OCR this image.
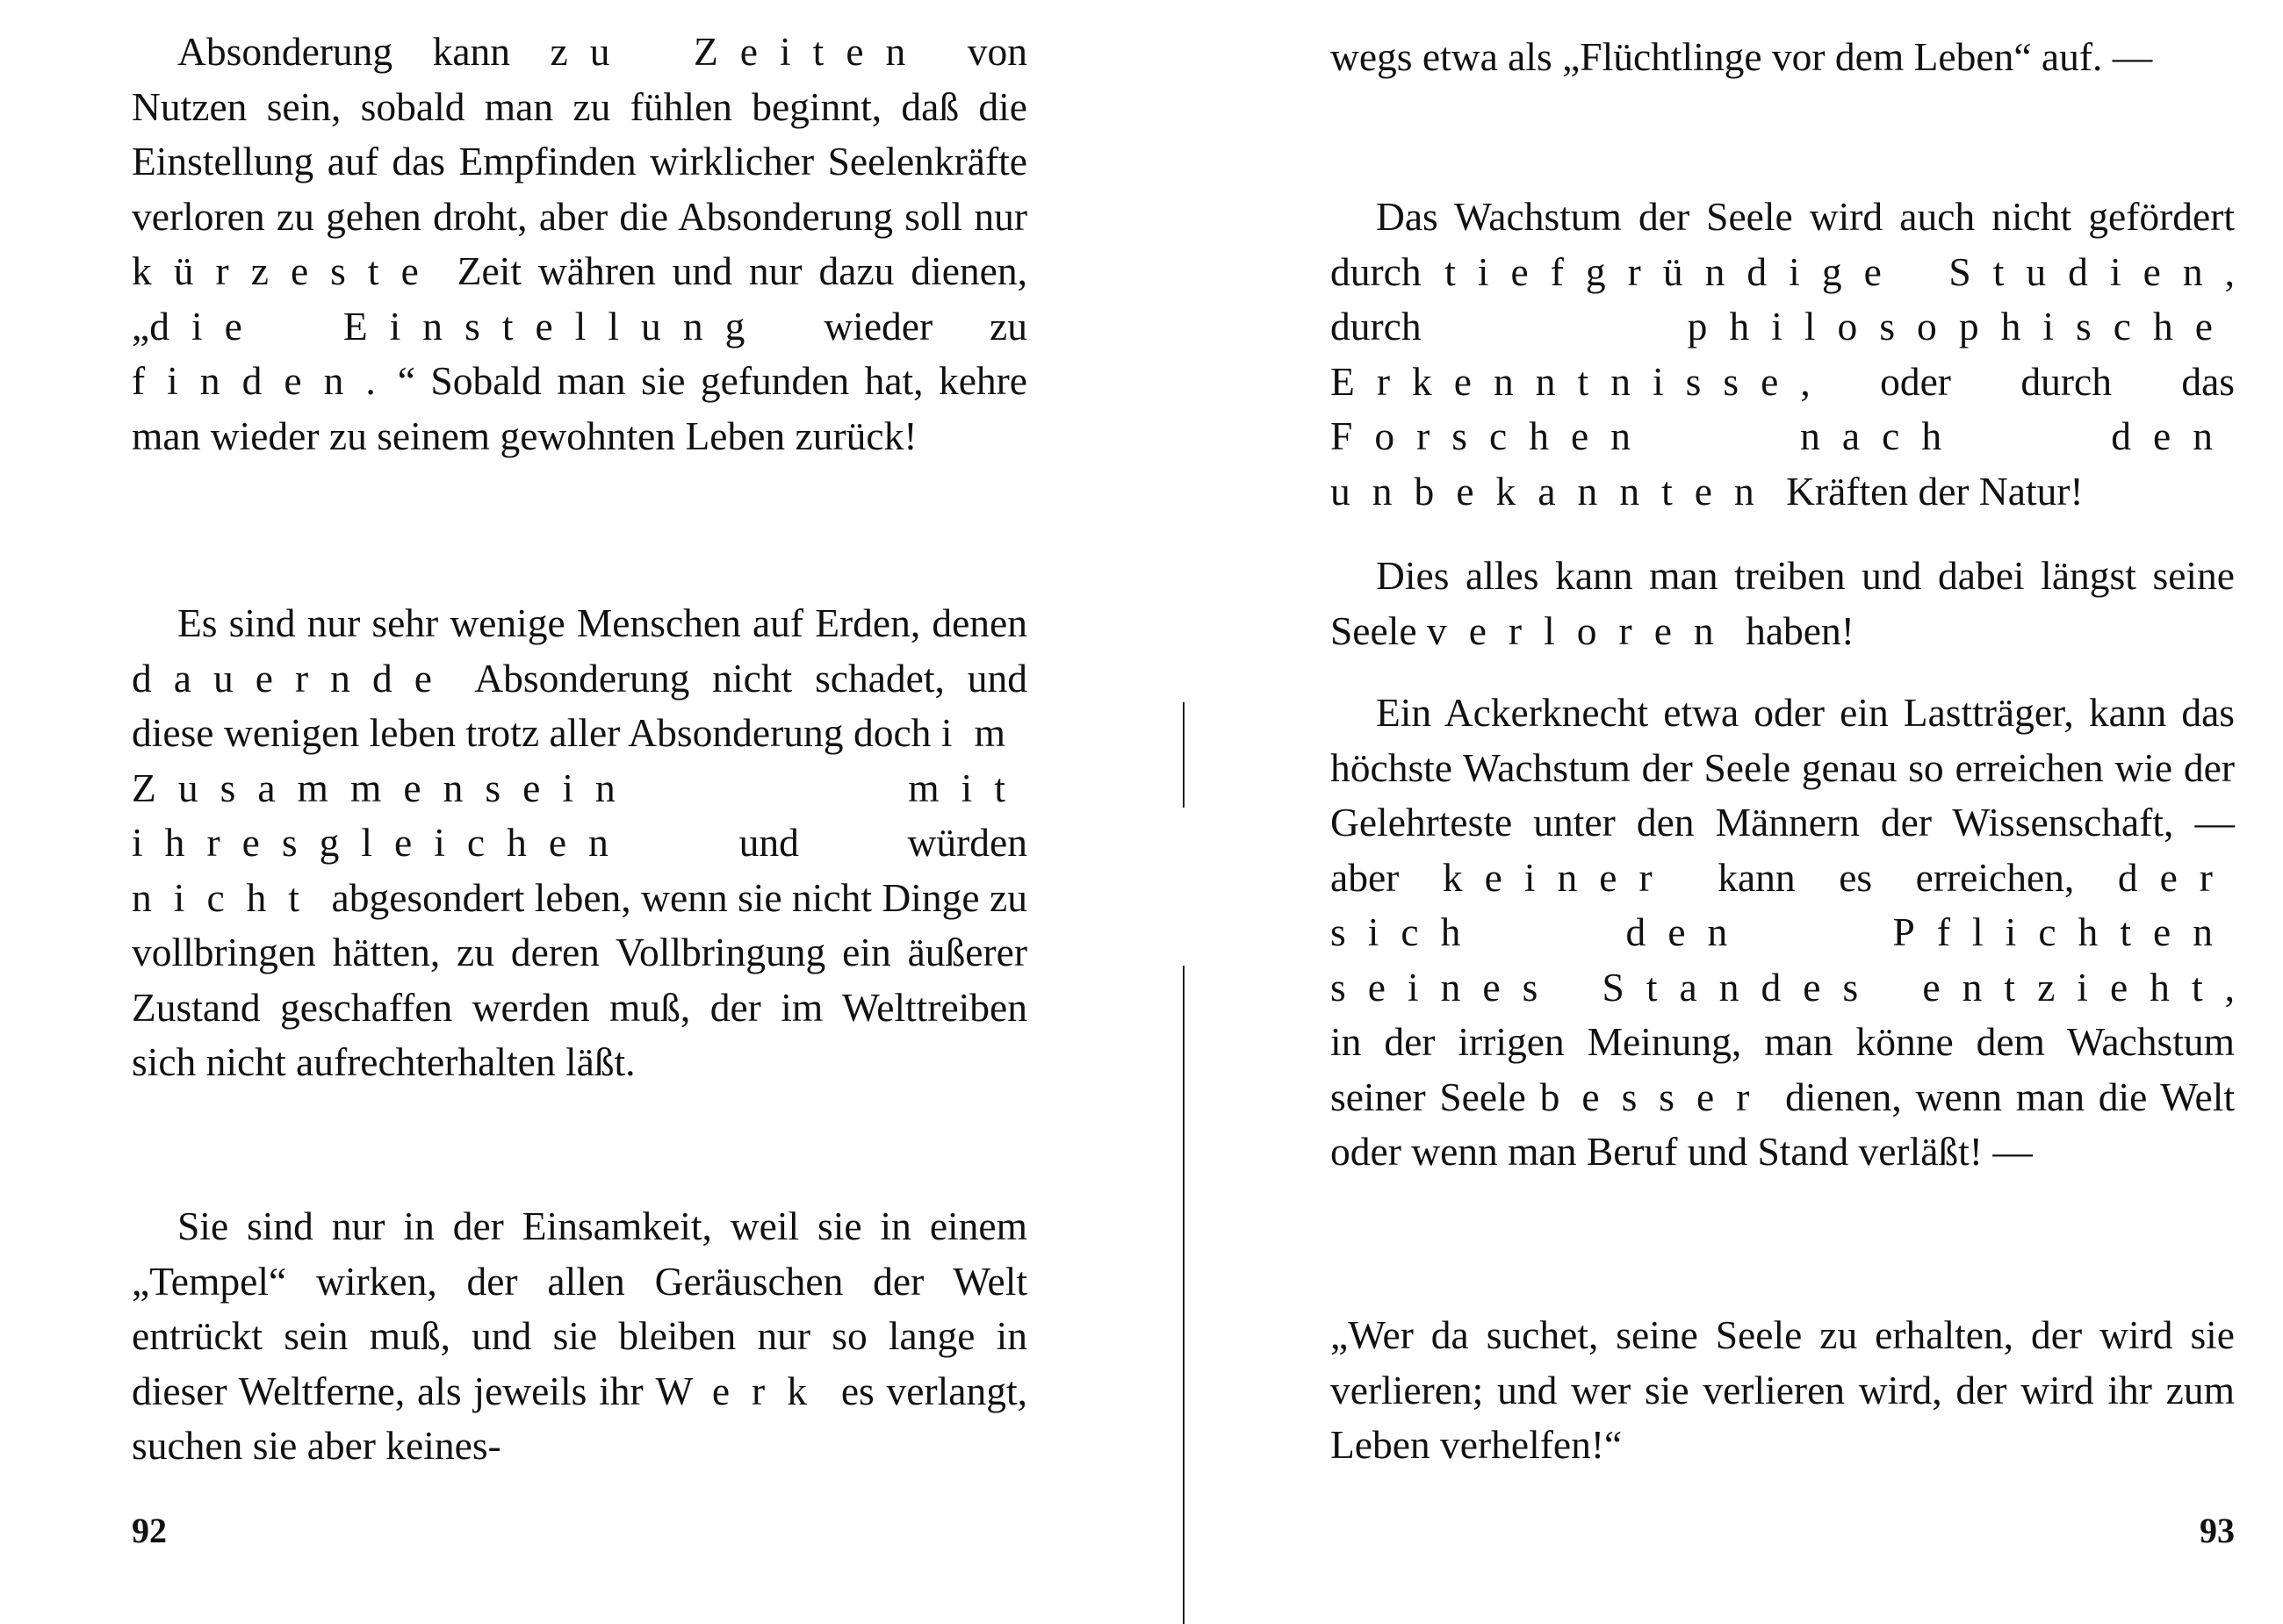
Absonderung kann zu Zeiten von Nutzen sein, sobald man zu fühlen beginnt, daß die Einstellung auf das Empfinden wirklicher Seelenkräfte verloren zu gehen droht, aber die Absonderung soll nur kürzeste Zeit währen und nur dazu dienen, „die Einstellung wieder zu finden.“ Sobald man sie gefunden hat, kehre man wieder zu seinem gewohnten Leben zurück!

Es sind nur sehr wenige Menschen auf Erden, denen dauernde Absonderung nicht schadet, und diese wenigen leben trotz aller Absonderung doch im Zusammensein mit ihresgleichen und würden nicht abgesondert leben, wenn sie nicht Dinge zu vollbringen hätten, zu deren Vollbringung ein äußerer Zustand geschaffen werden muß, der im Welttreiben sich nicht aufrechterhalten läßt.

Sie sind nur in der Einsamkeit, weil sie in einem „Tempel“ wirken, der allen Geräuschen der Welt entrückt sein muß, und sie bleiben nur so lange in dieser Weltferne, als jeweils ihr Werk es verlangt, suchen sie aber keines-

92

wegs etwa als „Flüchtlinge vor dem Leben“ auf. —

Das Wachstum der Seele wird auch nicht gefördert durch tiefgründige Studien, durch philosophische Erkenntnisse, oder durch das Forschen nach den unbekannten Kräften der Natur!

Dies alles kann man treiben und dabei längst seine Seele verloren haben!

Ein Ackerknecht etwa oder ein Lastträger, kann das höchste Wachstum der Seele genau so erreichen wie der Gelehrteste unter den Männern der Wissenschaft, — aber keiner kann es erreichen, der sich den Pflichten seines Standes entzieht, in der irrigen Meinung, man könne dem Wachstum seiner Seele besser dienen, wenn man die Welt oder wenn man Beruf und Stand verläßt! —

„Wer da suchet, seine Seele zu erhalten, der wird sie verlieren; und wer sie verlieren wird, der wird ihr zum Leben verhelfen!“

93
